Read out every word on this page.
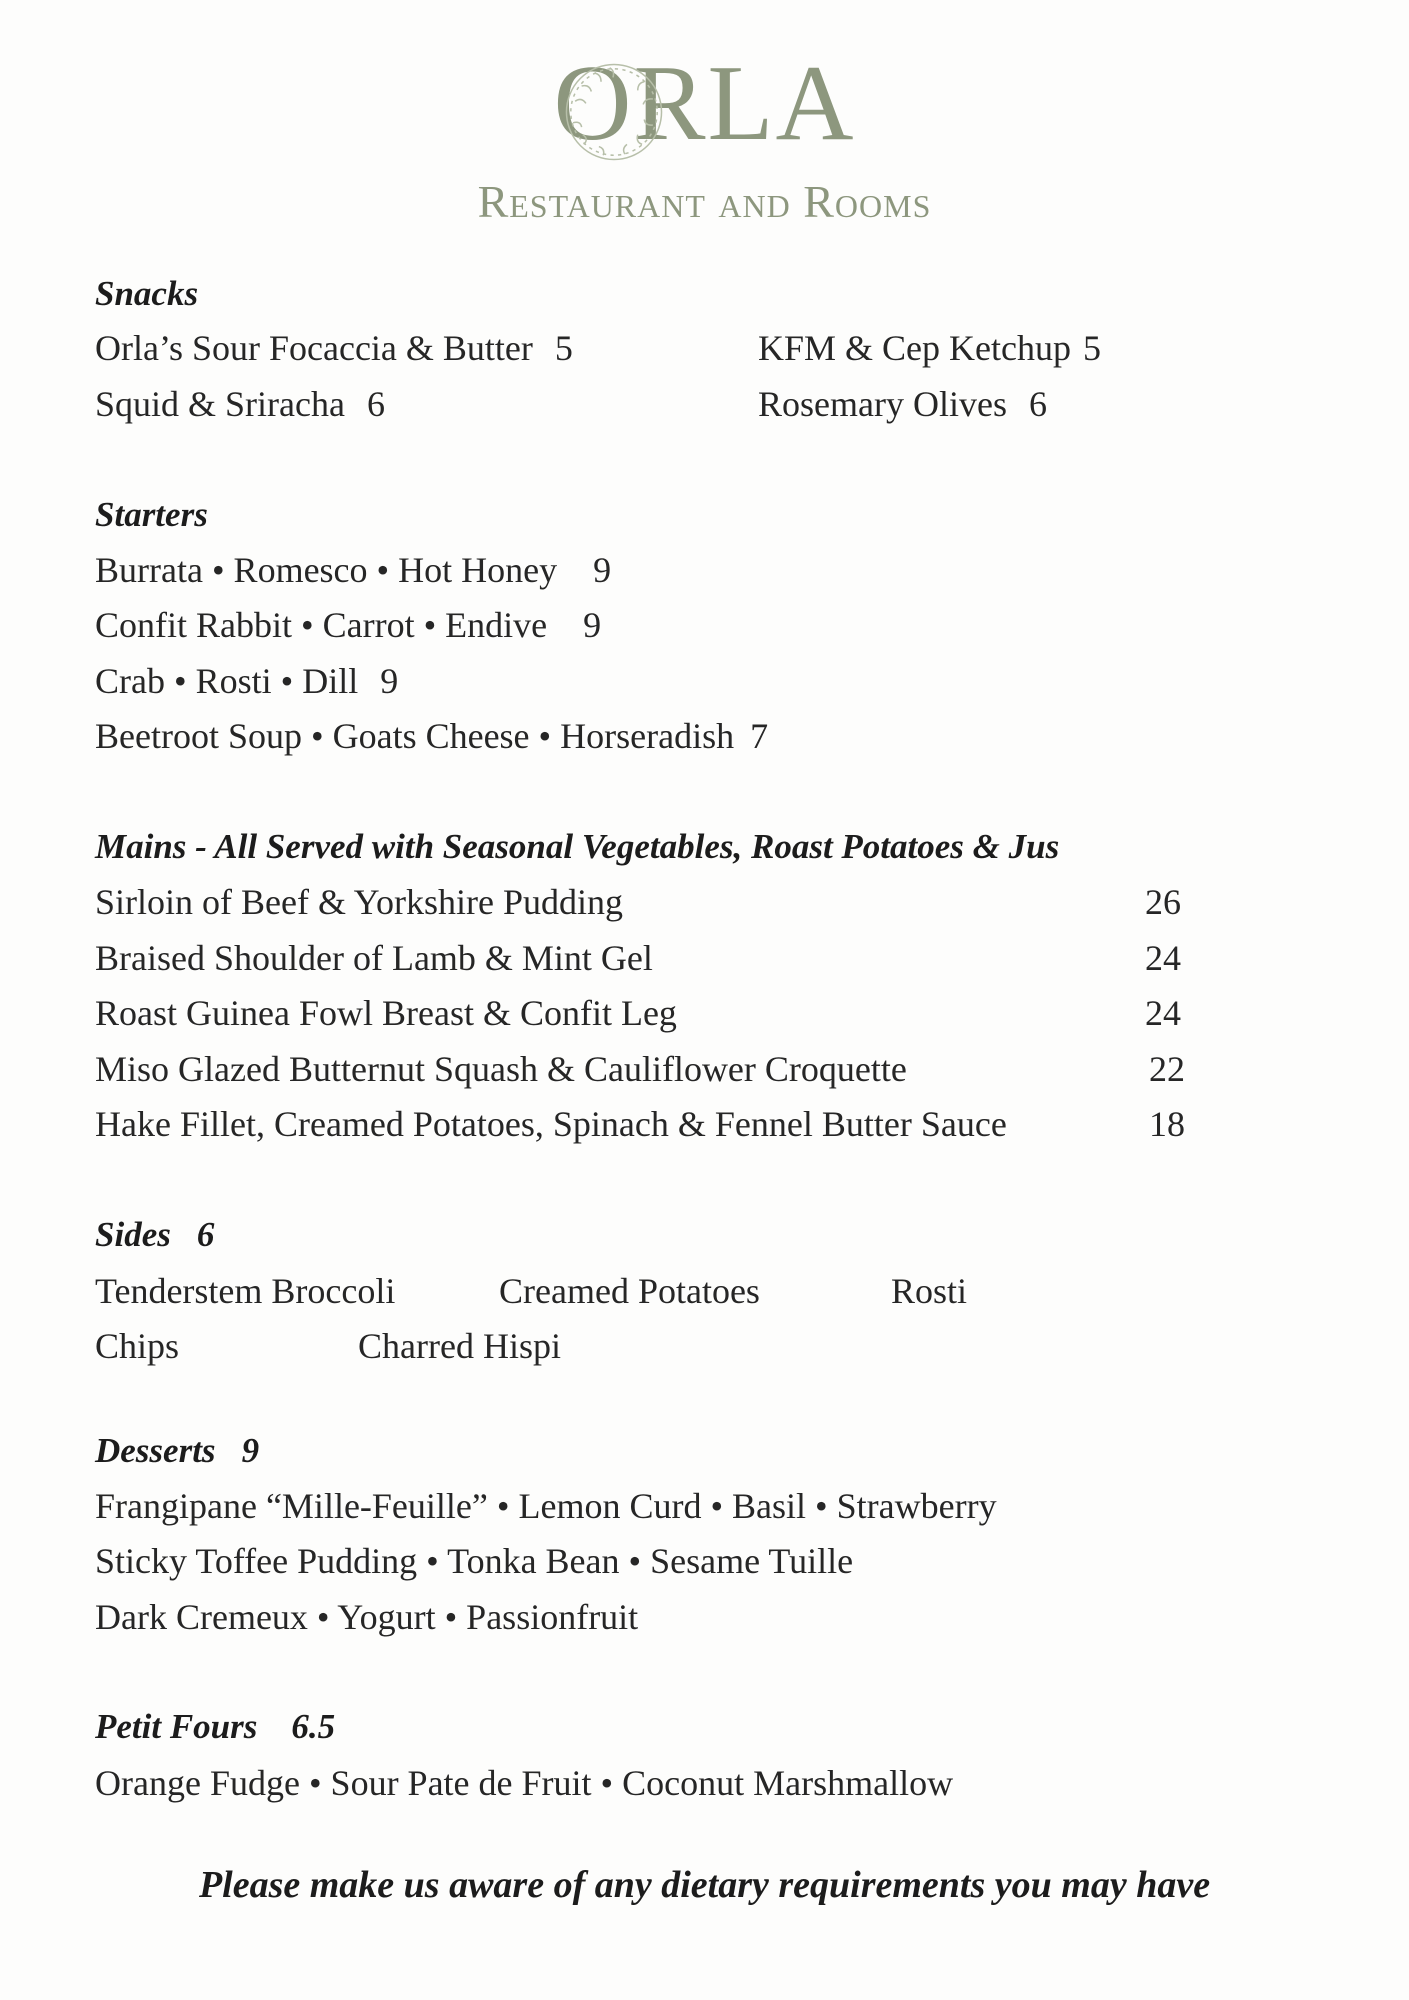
ORLA
Restaurant and Rooms
Snacks
Orla’s Sour Focaccia & Butter 5	KFM & Cep Ketchup 5
Squid & Sriracha 6	Rosemary Olives 6
Starters
Burrata • Romesco • Hot Honey 9
Confit Rabbit • Carrot • Endive 9
Crab • Rosti • Dill 9
Beetroot Soup • Goats Cheese • Horseradish 7
Mains - All Served with Seasonal Vegetables, Roast Potatoes & Jus
Sirloin of Beef & Yorkshire Pudding	26
Braised Shoulder of Lamb & Mint Gel	24
Roast Guinea Fowl Breast & Confit Leg	24
Miso Glazed Butternut Squash & Cauliflower Croquette	22
Hake Fillet, Creamed Potatoes, Spinach & Fennel Butter Sauce	18
Sides 6
Tenderstem Broccoli	Creamed Potatoes	Rosti
Chips	Charred Hispi
Desserts 9
Frangipane “Mille-Feuille” • Lemon Curd • Basil • Strawberry
Sticky Toffee Pudding • Tonka Bean • Sesame Tuille
Dark Cremeux • Yogurt • Passionfruit
Petit Fours 6.5
Orange Fudge • Sour Pate de Fruit • Coconut Marshmallow
Please make us aware of any dietary requirements you may have
